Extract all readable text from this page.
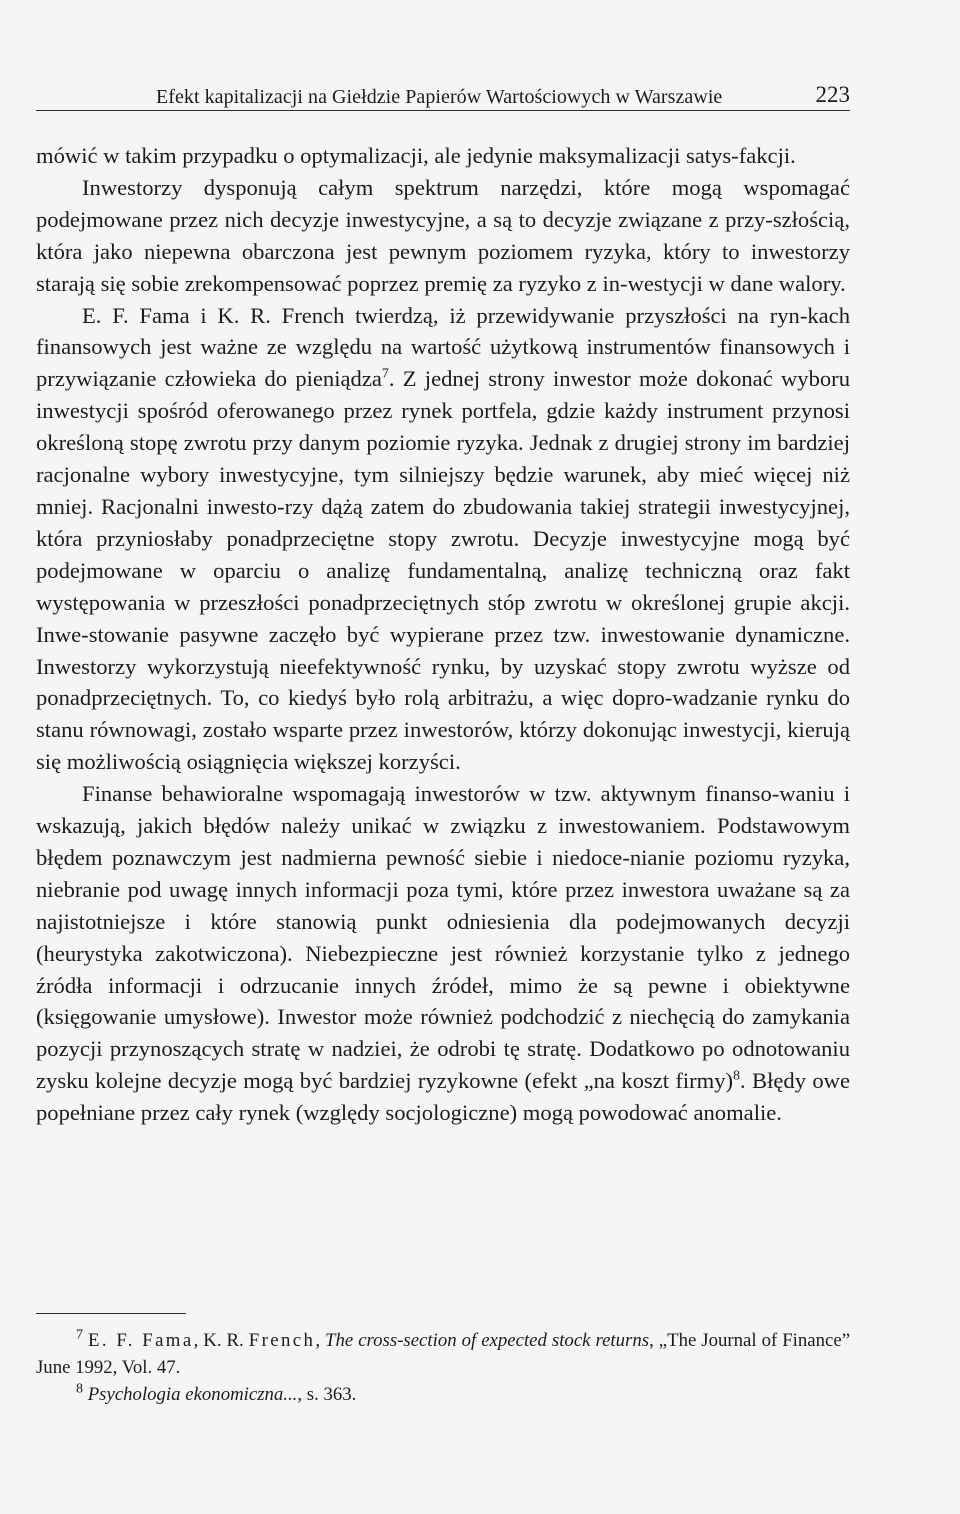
Efekt kapitalizacji na Giełdzie Papierów Wartościowych w Warszawie	223

mówić w takim przypadku o optymalizacji, ale jedynie maksymalizacji satys-fakcji.

Inwestorzy dysponują całym spektrum narzędzi, które mogą wspomagać podejmowane przez nich decyzje inwestycyjne, a są to decyzje związane z przy-szłością, która jako niepewna obarczona jest pewnym poziomem ryzyka, który to inwestorzy starają się sobie zrekompensować poprzez premię za ryzyko z in-westycji w dane walory.

E. F. Fama i K. R. French twierdzą, iż przewidywanie przyszłości na ryn-kach finansowych jest ważne ze względu na wartość użytkową instrumentów finansowych i przywiązanie człowieka do pieniądza$^7$. Z jednej strony inwestor może dokonać wyboru inwestycji spośród oferowanego przez rynek portfela, gdzie każdy instrument przynosi określoną stopę zwrotu przy danym poziomie ryzyka. Jednak z drugiej strony im bardziej racjonalne wybory inwestycyjne, tym silniejszy będzie warunek, aby mieć więcej niż mniej. Racjonalni inwesto-rzy dążą zatem do zbudowania takiej strategii inwestycyjnej, która przyniosłaby ponadprzeciętne stopy zwrotu. Decyzje inwestycyjne mogą być podejmowane w oparciu o analizę fundamentalną, analizę techniczną oraz fakt występowania w przeszłości ponadprzeciętnych stóp zwrotu w określonej grupie akcji. Inwe-stowanie pasywne zaczęło być wypierane przez tzw. inwestowanie dynamiczne. Inwestorzy wykorzystują nieefektywność rynku, by uzyskać stopy zwrotu wyższe od ponadprzeciętnych. To, co kiedyś było rolą arbitrażu, a więc dopro-wadzanie rynku do stanu równowagi, zostało wsparte przez inwestorów, którzy dokonując inwestycji, kierują się możliwością osiągnięcia większej korzyści.

Finanse behawioralne wspomagają inwestorów w tzw. aktywnym finanso-waniu i wskazują, jakich błędów należy unikać w związku z inwestowaniem. Podstawowym błędem poznawczym jest nadmierna pewność siebie i niedoce-nianie poziomu ryzyka, niebranie pod uwagę innych informacji poza tymi, które przez inwestora uważane są za najistotniejsze i które stanowią punkt odniesienia dla podejmowanych decyzji (heurystyka zakotwiczona). Niebezpieczne jest również korzystanie tylko z jednego źródła informacji i odrzucanie innych źródeł, mimo że są pewne i obiektywne (księgowanie umysłowe). Inwestor może również podchodzić z niechęcią do zamykania pozycji przynoszących stratę w nadziei, że odrobi tę stratę. Dodatkowo po odnotowaniu zysku kolejne decyzje mogą być bardziej ryzykowne (efekt „na koszt firmy)$^8$. Błędy owe popełniane przez cały rynek (względy socjologiczne) mogą powodować anomalie.

$^7$ E. F. Fama, K. R. French, The cross-section of expected stock returns, „The Journal of Finance” June 1992, Vol. 47.

$^8$ Psychologia ekonomiczna..., s. 363.
